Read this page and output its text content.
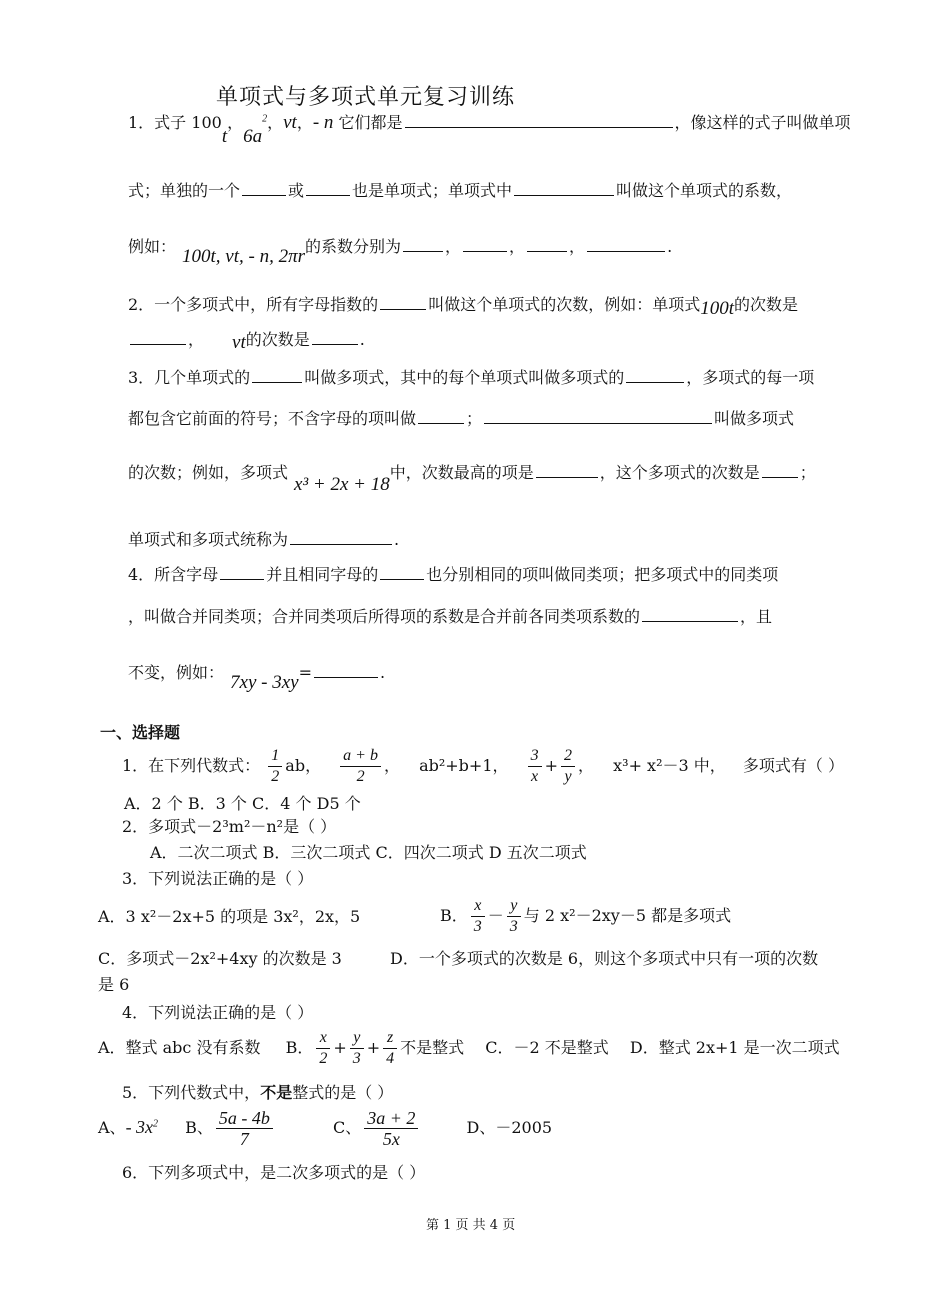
单项式与多项式单元复习训练
1．式子 100t，$6a^2$，vt，- n 它们都是	，像这样的式子叫做单项
式；单独的一个	或	也是单项式；单项式中	叫做这个单项式的系数，
例如： 100t, vt, - n, 2πr的系数分别为	，	，	，	.
2．一个多项式中，所有字母指数的	叫做这个单项式的次数，例如：单项式100t的次数是
， vt的次数是	.
3．几个单项式的	叫做多项式，其中的每个单项式叫做多项式的	，多项式的每一项
都包含它前面的符号；不含字母的项叫做	；	叫做多项式
的次数；例如，多项式x³ + 2x + 18中，次数最高的项是	，这个多项式的次数是	；
单项式和多项式统称为	.
4．所含字母	并且相同字母的	也分别相同的项叫做同类项；把多项式中的同类项
，叫做合并同类项；合并同类项后所得项的系数是合并前各同类项系数的	，且
不变，例如： 7xy - 3xy=	.
一、选择题
1．在下列代数式： $\frac{1}{2}$ ab， $\frac{a + b}{2}$ ， ab²+b+1， $\frac{3}{x} + \frac{2}{y}$ ， x³+ x²－3 中， 多项式有（ ）
A．2 个 B．3 个 C．4 个 D5 个
2．多项式－2³m²－n²是（ ）
A．二次二项式 B．三次二项式 C．四次二项式 D 五次二项式
3．下列说法正确的是（ ）
A．3 x²－2x+5 的项是 3x²，2x，5	B． $\frac{x}{3} - \frac{y}{3}$ 与 2 x²－2xy－5 都是多项式
C．多项式－2x²+4xy 的次数是 3	D．一个多项式的次数是 6，则这个多项式中只有一项的次数
是 6
4．下列说法正确的是（ ）
A．整式 abc 没有系数 B． $\frac{x}{2} + \frac{y}{3} + \frac{z}{4}$ 不是整式 C．－2 不是整式 D．整式 2x+1 是一次二项式
5．下列代数式中，不是整式的是（ ）
A、- $3x^2$ B、 $\frac{5a - 4b}{7}$	C、 $\frac{3a + 2}{5x}$	D、－2005
6．下列多项式中，是二次多项式的是（ ）
第 1 页 共 4 页
